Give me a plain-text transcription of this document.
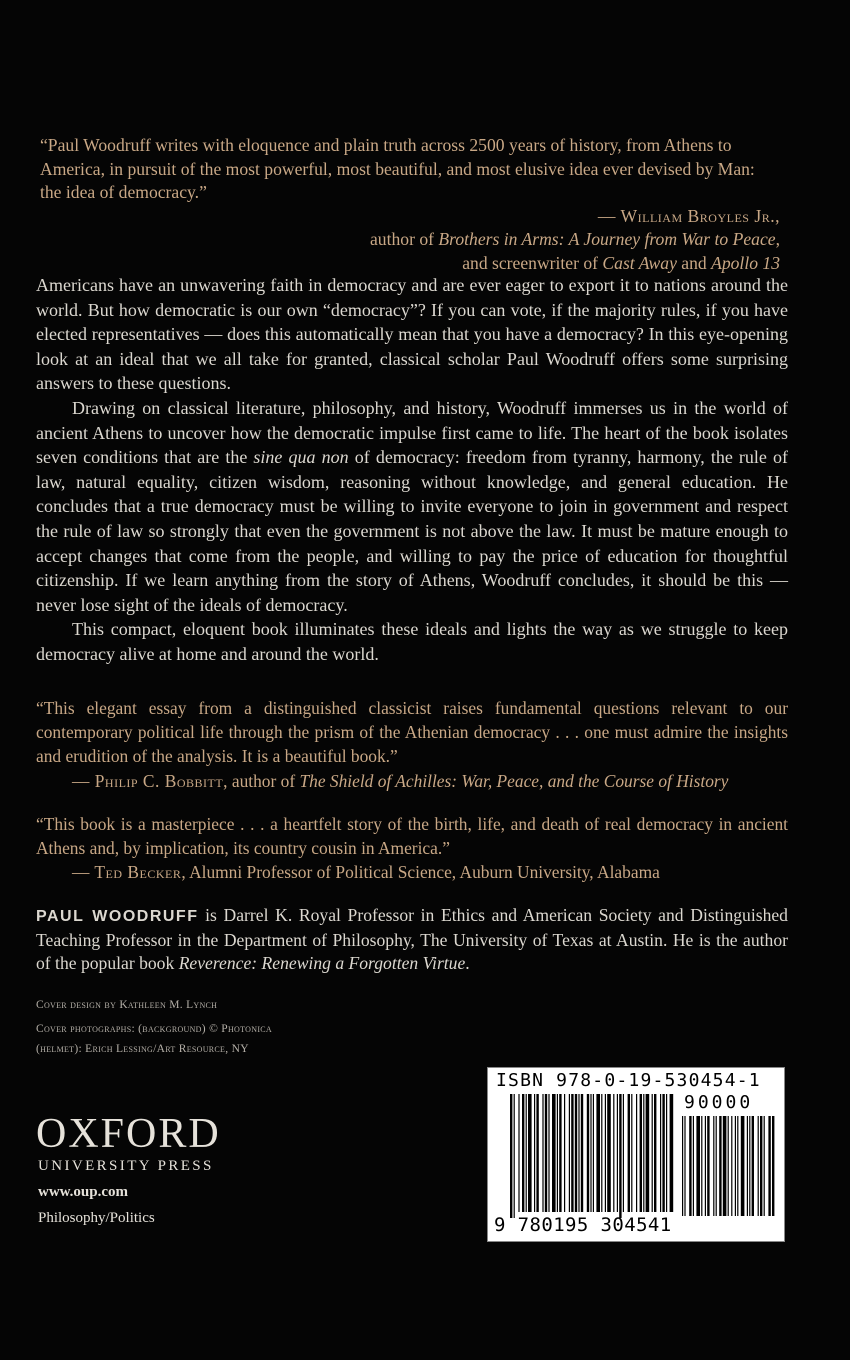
“Paul Woodruff writes with eloquence and plain truth across 2500 years of history, from Athens to America, in pursuit of the most powerful, most beautiful, and most elusive idea ever devised by Man: the idea of democracy.”

— William Broyles Jr.,

author of Brothers in Arms: A Journey from War to Peace,

and screenwriter of Cast Away and Apollo 13

Americans have an unwavering faith in democracy and are ever eager to export it to nations around the world. But how democratic is our own “democracy”? If you can vote, if the majority rules, if you have elected representatives — does this automatically mean that you have a democracy? In this eye-opening look at an ideal that we all take for granted, classical scholar Paul Woodruff offers some surprising answers to these questions.

Drawing on classical literature, philosophy, and history, Woodruff immerses us in the world of ancient Athens to uncover how the democratic impulse first came to life. The heart of the book isolates seven conditions that are the sine qua non of democracy: freedom from tyranny, harmony, the rule of law, natural equality, citizen wisdom, reasoning without knowledge, and general education. He concludes that a true democracy must be willing to invite everyone to join in government and respect the rule of law so strongly that even the government is not above the law. It must be mature enough to accept changes that come from the people, and willing to pay the price of education for thoughtful citizenship. If we learn anything from the story of Athens, Woodruff concludes, it should be this — never lose sight of the ideals of democracy.

This compact, eloquent book illuminates these ideals and lights the way as we struggle to keep democracy alive at home and around the world.

“This elegant essay from a distinguished classicist raises fundamental questions relevant to our contemporary political life through the prism of the Athenian democracy . . . one must admire the insights and erudition of the analysis. It is a beautiful book.”

— Philip C. Bobbitt, author of The Shield of Achilles: War, Peace, and the Course of History

“This book is a masterpiece . . . a heartfelt story of the birth, life, and death of real democracy in ancient Athens and, by implication, its country cousin in America.”

— Ted Becker, Alumni Professor of Political Science, Auburn University, Alabama

PAUL WOODRUFF is Darrel K. Royal Professor in Ethics and American Society and Distinguished Teaching Professor in the Department of Philosophy, The University of Texas at Austin. He is the author of the popular book Reverence: Renewing a Forgotten Virtue.

Cover design by Kathleen M. Lynch

Cover photographs: (background) © Photonica
(helmet): Erich Lessing/Art Resource, NY

OXFORD
UNIVERSITY PRESS
www.oup.com
Philosophy/Politics
ISBN 978-0-19-530454-1
90000
9 780195 304541
